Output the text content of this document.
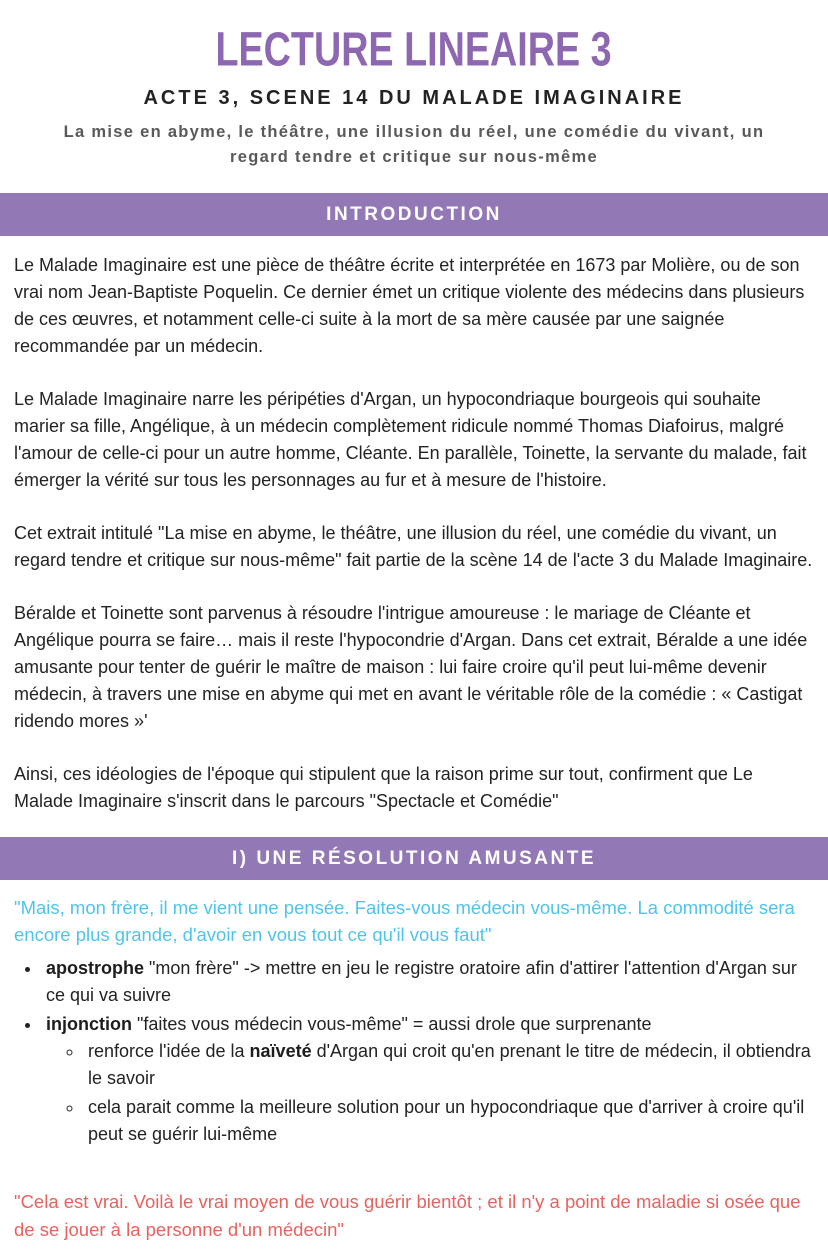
LECTURE LINEAIRE 3
ACTE 3, SCENE 14 DU MALADE IMAGINAIRE
La mise en abyme, le théâtre, une illusion du réel, une comédie du vivant, un regard tendre et critique sur nous-même
INTRODUCTION

Le Malade Imaginaire est une pièce de théâtre écrite et interprétée en 1673 par Molière, ou de son vrai nom Jean-Baptiste Poquelin. Ce dernier émet un critique violente des médecins dans plusieurs de ces œuvres, et notamment celle-ci suite à la mort de sa mère causée par une saignée recommandée par un médecin.

Le Malade Imaginaire narre les péripéties d'Argan, un hypocondriaque bourgeois qui souhaite marier sa fille, Angélique, à un médecin complètement ridicule nommé Thomas Diafoirus, malgré l'amour de celle-ci pour un autre homme, Cléante. En parallèle, Toinette, la servante du malade, fait émerger la vérité sur tous les personnages au fur et à mesure de l'histoire.

Cet extrait intitulé "La mise en abyme, le théâtre, une illusion du réel, une comédie du vivant, un regard tendre et critique sur nous-même" fait partie de la scène 14 de l'acte 3 du Malade Imaginaire.

Béralde et Toinette sont parvenus à résoudre l'intrigue amoureuse : le mariage de Cléante et Angélique pourra se faire… mais il reste l'hypocondrie d'Argan. Dans cet extrait, Béralde a une idée amusante pour tenter de guérir le maître de maison : lui faire croire qu'il peut lui-même devenir médecin, à travers une mise en abyme qui met en avant le véritable rôle de la comédie : « Castigat ridendo mores »'

Ainsi, ces idéologies de l'époque qui stipulent que la raison prime sur tout, confirment que Le Malade Imaginaire s'inscrit dans le parcours "Spectacle et Comédie"

I) UNE RÉSOLUTION AMUSANTE

"Mais, mon frère, il me vient une pensée. Faites-vous médecin vous-même. La commodité sera encore plus grande, d'avoir en vous tout ce qu'il vous faut"

• apostrophe "mon frère" -> mettre en jeu le registre oratoire afin d'attirer l'attention d'Argan sur ce qui va suivre
• injonction "faites vous médecin vous-même" = aussi drole que surprenante
◦ renforce l'idée de la naïveté d'Argan qui croit qu'en prenant le titre de médecin, il obtiendra le savoir
◦ cela parait comme la meilleure solution pour un hypocondriaque que d'arriver à croire qu'il peut se guérir lui-même

"Cela est vrai. Voilà le vrai moyen de vous guérir bientôt ; et il n'y a point de maladie si osée que de se jouer à la personne d'un médecin"
